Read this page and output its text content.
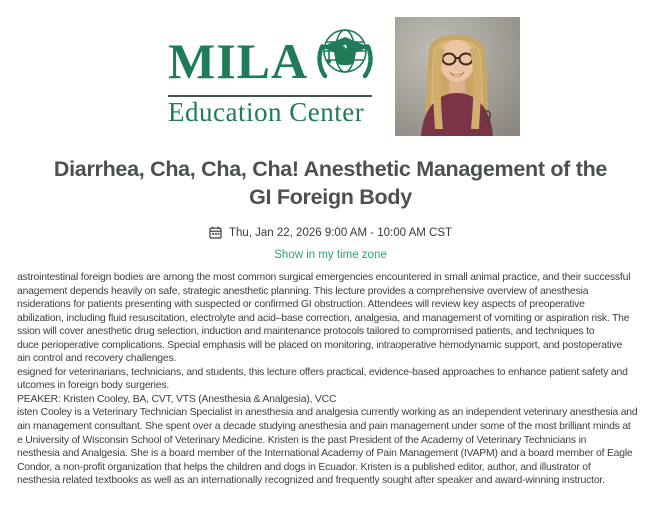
MILA
Education Center
Diarrhea, Cha, Cha, Cha! Anesthetic Management of the
GI Foreign Body
Thu, Jan 22, 2026 9:00 AM - 10:00 AM CST
Show in my time zone
astrointestinal foreign bodies are among the most common surgical emergencies encountered in small animal practice, and their successful
anagement depends heavily on safe, strategic anesthetic planning. This lecture provides a comprehensive overview of anesthesia
nsiderations for patients presenting with suspected or confirmed GI obstruction. Attendees will review key aspects of preoperative
abilization, including fluid resuscitation, electrolyte and acid–base correction, analgesia, and management of vomiting or aspiration risk. The
ssion will cover anesthetic drug selection, induction and maintenance protocols tailored to compromised patients, and techniques to
duce perioperative complications. Special emphasis will be placed on monitoring, intraoperative hemodynamic support, and postoperative
ain control and recovery challenges.
esigned for veterinarians, technicians, and students, this lecture offers practical, evidence-based approaches to enhance patient safety and
utcomes in foreign body surgeries.
PEAKER: Kristen Cooley, BA, CVT, VTS (Anesthesia & Analgesia), VCC
isten Cooley is a Veterinary Technician Specialist in anesthesia and analgesia currently working as an independent veterinary anesthesia and
ain management consultant. She spent over a decade studying anesthesia and pain management under some of the most brilliant minds at
e University of Wisconsin School of Veterinary Medicine. Kristen is the past President of the Academy of Veterinary Technicians in
nesthesia and Analgesia. She is a board member of the International Academy of Pain Management (IVAPM) and a board member of Eagle
Condor, a non-profit organization that helps the children and dogs in Ecuador. Kristen is a published editor, author, and illustrator of
nesthesia related textbooks as well as an internationally recognized and frequently sought after speaker and award-winning instructor.
